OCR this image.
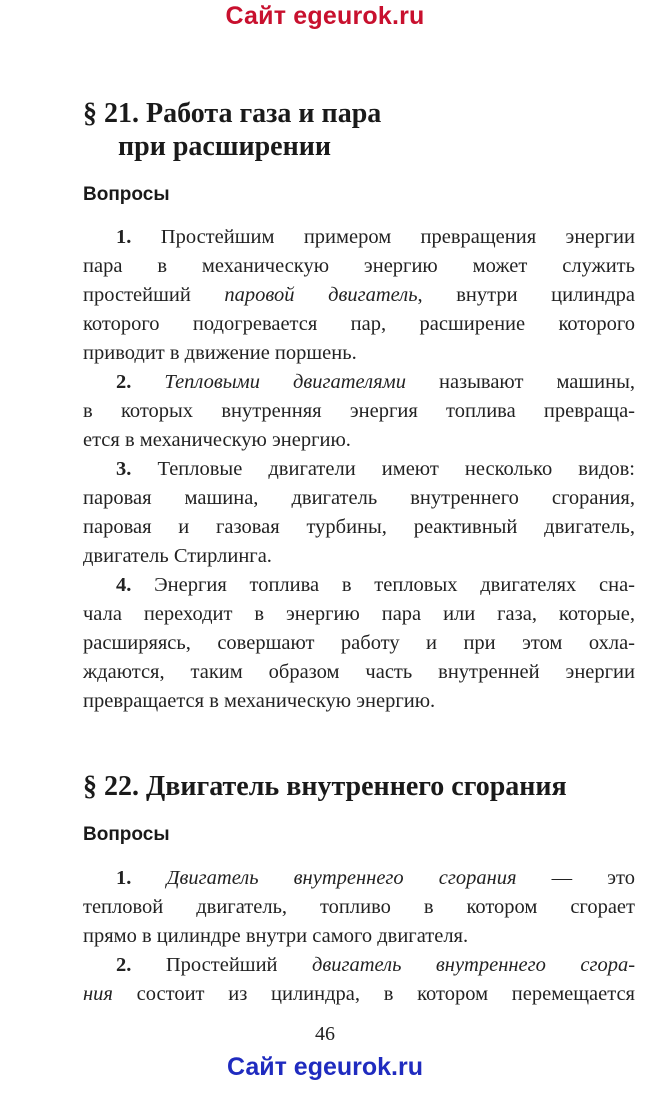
Сайт egeurok.ru
§ 21. Работа газа и пара
при расширении
Вопросы
1. Простейшим примером превращения энергии
пара в механическую энергию может служить
простейший паровой двигатель, внутри цилиндра
которого подогревается пар, расширение которого
приводит в движение поршень.
2. Тепловыми двигателями называют машины,
в которых внутренняя энергия топлива превраща-
ется в механическую энергию.
3. Тепловые двигатели имеют несколько видов:
паровая машина, двигатель внутреннего сгорания,
паровая и газовая турбины, реактивный двигатель,
двигатель Стирлинга.
4. Энергия топлива в тепловых двигателях сна-
чала переходит в энергию пара или газа, которые,
расширяясь, совершают работу и при этом охла-
ждаются, таким образом часть внутренней энергии
превращается в механическую энергию.
§ 22. Двигатель внутреннего сгорания
Вопросы
1. Двигатель внутреннего сгорания — это
тепловой двигатель, топливо в котором сгорает
прямо в цилиндре внутри самого двигателя.
2. Простейший двигатель внутреннего сгора-
ния состоит из цилиндра, в котором перемещается
46
Сайт egeurok.ru
